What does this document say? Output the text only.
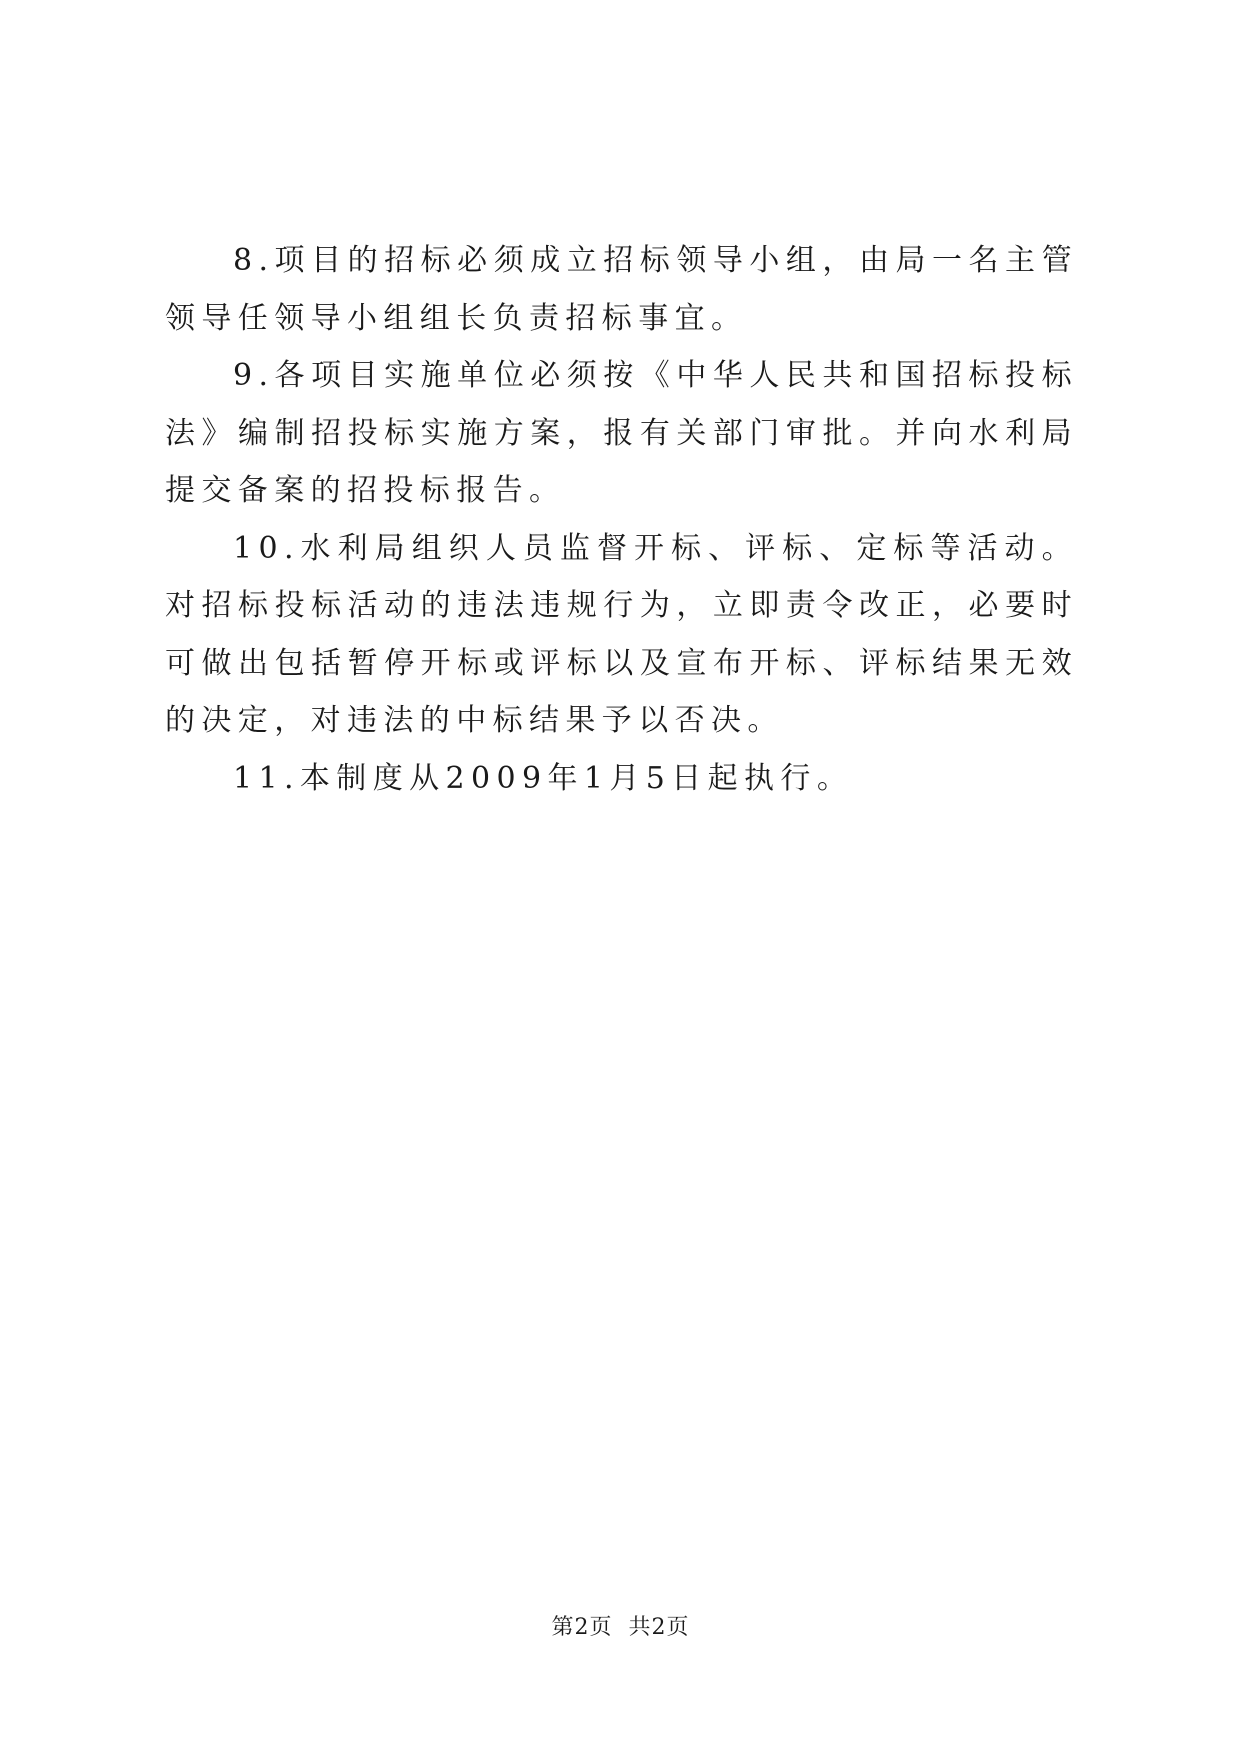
8.项目的招标必须成立招标领导小组，由局一名主管领导任领导小组组长负责招标事宜。

9.各项目实施单位必须按《中华人民共和国招标投标法》编制招投标实施方案，报有关部门审批。并向水利局提交备案的招投标报告。

10.水利局组织人员监督开标、评标、定标等活动。对招标投标活动的违法违规行为，立即责令改正，必要时可做出包括暂停开标或评标以及宣布开标、评标结果无效的决定，对违法的中标结果予以否决。

11.本制度从2009年1月5日起执行。

第2页 共2页
